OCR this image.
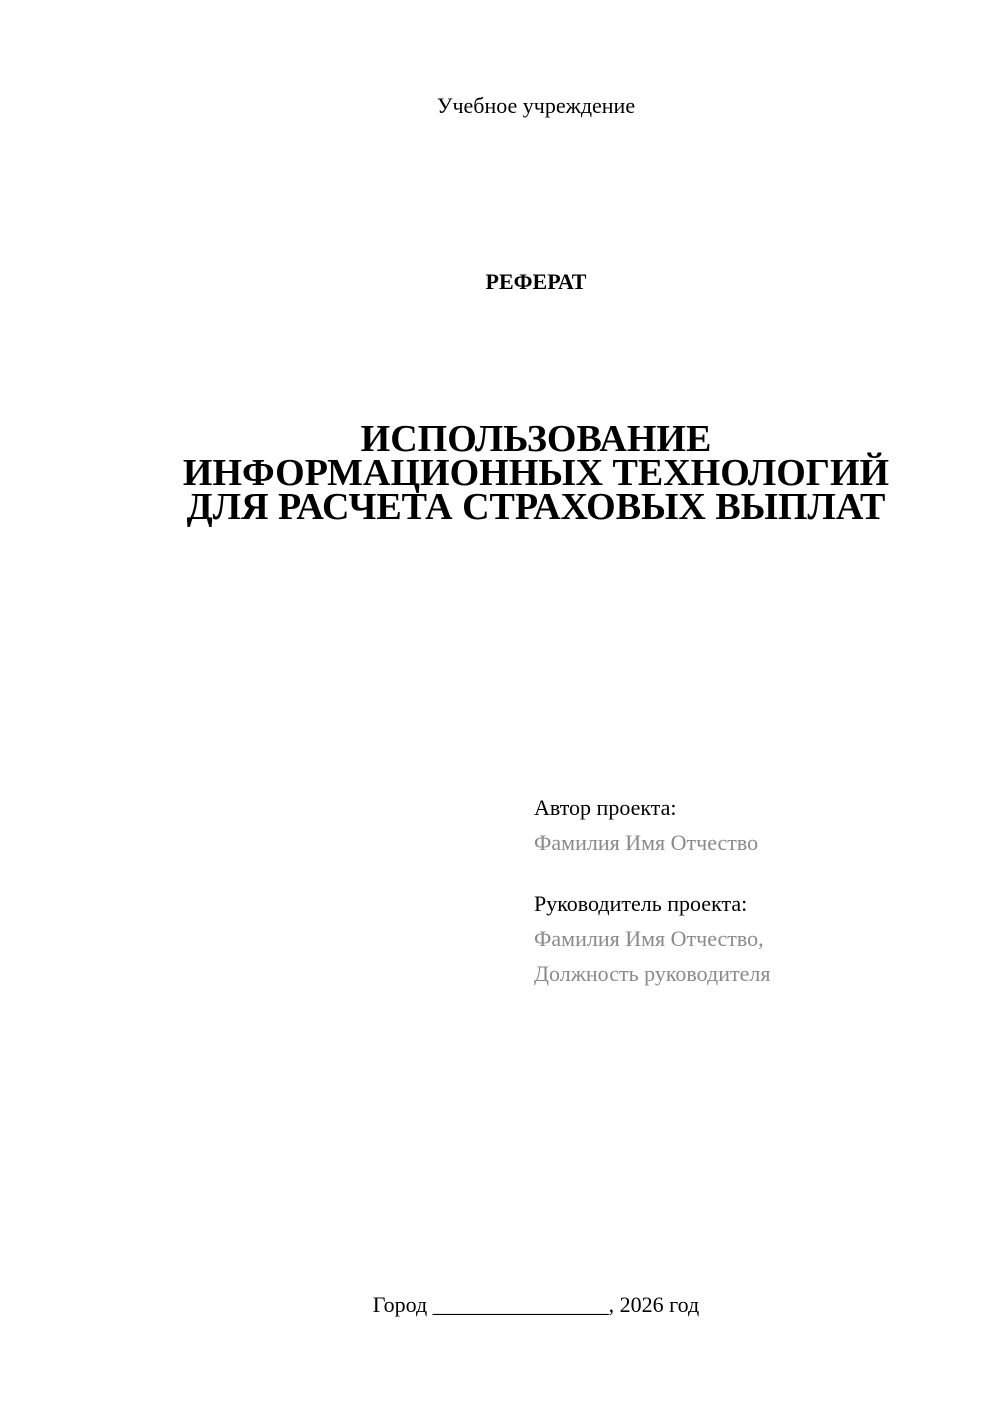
Учебное учреждение
РЕФЕРАТ
ИСПОЛЬЗОВАНИЕ
ИНФОРМАЦИОННЫХ ТЕХНОЛОГИЙ
ДЛЯ РАСЧЕТА СТРАХОВЫХ ВЫПЛАТ
Автор проекта:
Фамилия Имя Отчество
Руководитель проекта:
Фамилия Имя Отчество,
Должность руководителя
Город ________________, 2026 год
